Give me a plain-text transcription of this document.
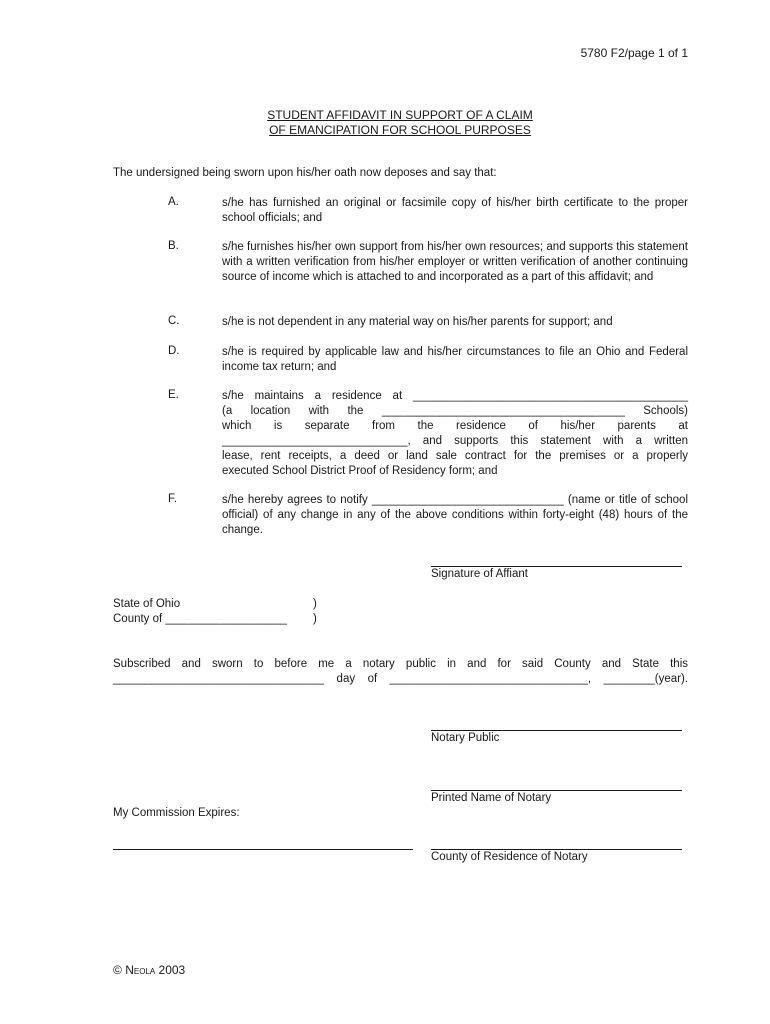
5780 F2/page 1 of 1
STUDENT AFFIDAVIT IN SUPPORT OF A CLAIM
OF EMANCIPATION FOR SCHOOL PURPOSES
The undersigned being sworn upon his/her oath now deposes and say that:
A.	s/he has furnished an original or facsimile copy of his/her birth certificate to the proper school officials; and
B.	s/he furnishes his/her own support from his/her own resources; and supports this statement with a written verification from his/her employer or written verification of another continuing source of income which is attached to and incorporated as a part of this affidavit; and
C.	s/he is not dependent in any material way on his/her parents for support; and
D.	s/he is required by applicable law and his/her circumstances to file an Ohio and Federal income tax return; and
E.	s/he maintains a residence at ___________________________________________
(a location with the ______________________________________ Schools)
which is separate from the residence of his/her parents at
_____________________________, and supports this statement with a written
lease, rent receipts, a deed or land sale contract for the premises or a properly
executed School District Proof of Residency form; and
F.	s/he hereby agrees to notify ______________________________ (name or title of school official) of any change in any of the above conditions within forty-eight (48) hours of the change.
Signature of Affiant
State of Ohio	)
County of ___________________ )
Subscribed and sworn to before me a notary public in and for said County and State this
_________________________________ day of _______________________________, ________(year).
Notary Public
Printed Name of Notary
My Commission Expires:
County of Residence of Notary
© Neola 2003
